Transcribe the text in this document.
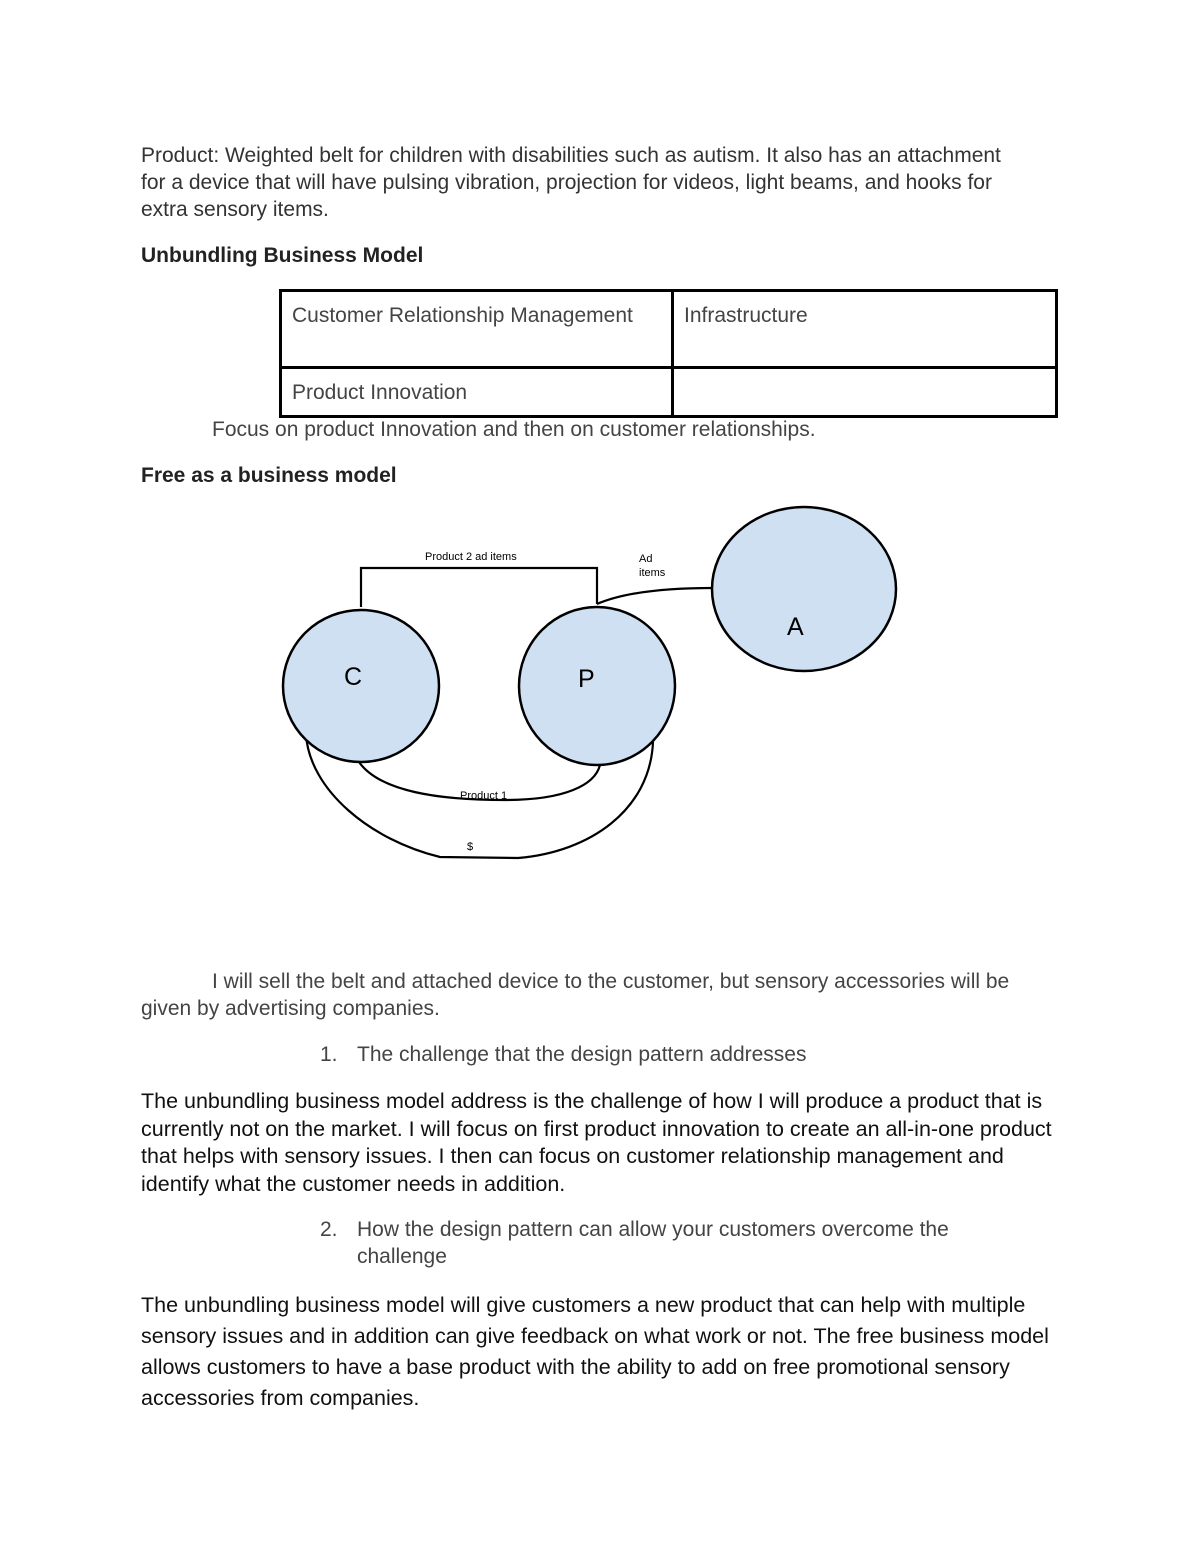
Product: Weighted belt for children with disabilities such as autism. It also has an attachment for a device that will have pulsing vibration, projection for videos, light beams, and hooks for extra sensory items.

Unbundling Business Model
Customer Relationship Management	Infrastructure
Product Innovation	

Focus on product Innovation and then on customer relationships.

Free as a business model
C	P
A
Product 2 ad items	Ad
items
Product 1
$

I will sell the belt and attached device to the customer, but sensory accessories will be given by advertising companies.

1. The challenge that the design pattern addresses

The unbundling business model address is the challenge of how I will produce a product that is currently not on the market. I will focus on first product innovation to create an all-in-one product that helps with sensory issues. I then can focus on customer relationship management and identify what the customer needs in addition.

2. How the design pattern can allow your customers overcome the challenge

The unbundling business model will give customers a new product that can help with multiple sensory issues and in addition can give feedback on what work or not. The free business model allows customers to have a base product with the ability to add on free promotional sensory accessories from companies.
